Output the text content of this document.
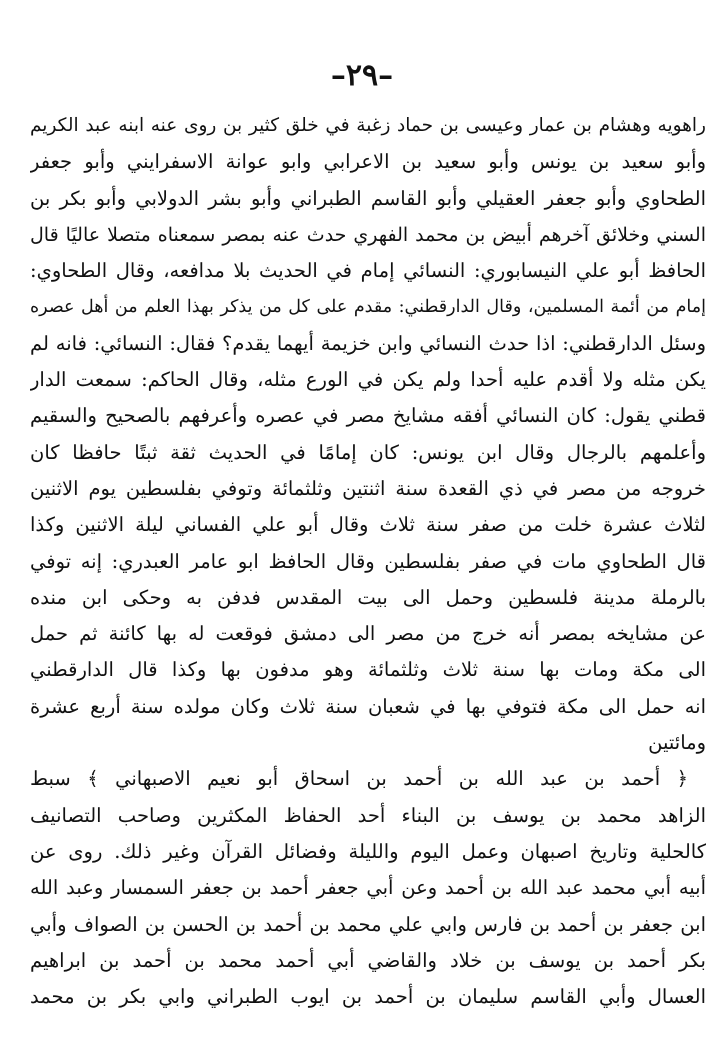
–٢٩–
راهويه وهشام بن عمار وعيسى بن حماد زغبة في خلق كثير بن روى عنه ابنه عبد الكريم
وأبو سعيد بن يونس وأبو سعيد بن الاعرابي وابو عوانة الاسفرايني وأبو جعفر
الطحاوي وأبو جعفر العقيلي وأبو القاسم الطبراني وأبو بشر الدولابي وأبو بكر بن
السني وخلائق آخرهم أبيض بن محمد الفهري حدث عنه بمصر سمعناه متصلا عاليًا قال
الحافظ أبو علي النيسابوري: النسائي إمام في الحديث بلا مدافعه، وقال الطحاوي:
إمام من أئمة المسلمين، وقال الدارقطني: مقدم على كل من يذكر بهذا العلم من أهل عصره
وسئل الدارقطني: اذا حدث النسائي وابن خزيمة أيهما يقدم؟ فقال: النسائي: فانه لم
يكن مثله ولا أقدم عليه أحدا ولم يكن في الورع مثله، وقال الحاكم: سمعت الدار
قطني يقول: كان النسائي أفقه مشايخ مصر في عصره وأعرفهم بالصحيح والسقيم
وأعلمهم بالرجال وقال ابن يونس: كان إمامًا في الحديث ثقة ثبتًا حافظا كان
خروجه من مصر في ذي القعدة سنة اثنتين وثلثمائة وتوفي بفلسطين يوم الاثنين
لثلاث عشرة خلت من صفر سنة ثلاث وقال أبو علي الفساني ليلة الاثنين وكذا
قال الطحاوي مات في صفر بفلسطين وقال الحافظ ابو عامر العبدري: إنه توفي
بالرملة مدينة فلسطين وحمل الى بيت المقدس فدفن به وحكى ابن منده
عن مشايخه بمصر أنه خرج من مصر الى دمشق فوقعت له بها كائنة ثم حمل
الى مكة ومات بها سنة ثلاث وثلثمائة وهو مدفون بها وكذا قال الدارقطني
انه حمل الى مكة فتوفي بها في شعبان سنة ثلاث وكان مولده سنة أربع عشرة
ومائتين
﴿ أحمد بن عبد الله بن أحمد بن اسحاق أبو نعيم الاصبهاني ﴾ سبط
الزاهد محمد بن يوسف بن البناء أحد الحفاظ المكثرين وصاحب التصانيف
كالحلية وتاريخ اصبهان وعمل اليوم والليلة وفضائل القرآن وغير ذلك. روى عن
أبيه أبي محمد عبد الله بن أحمد وعن أبي جعفر أحمد بن جعفر السمسار وعبد الله
ابن جعفر بن أحمد بن فارس وابي علي محمد بن أحمد بن الحسن بن الصواف وأبي
بكر أحمد بن يوسف بن خلاد والقاضي أبي أحمد محمد بن أحمد بن ابراهيم
العسال وأبي القاسم سليمان بن أحمد بن ايوب الطبراني وابي بكر بن محمد
